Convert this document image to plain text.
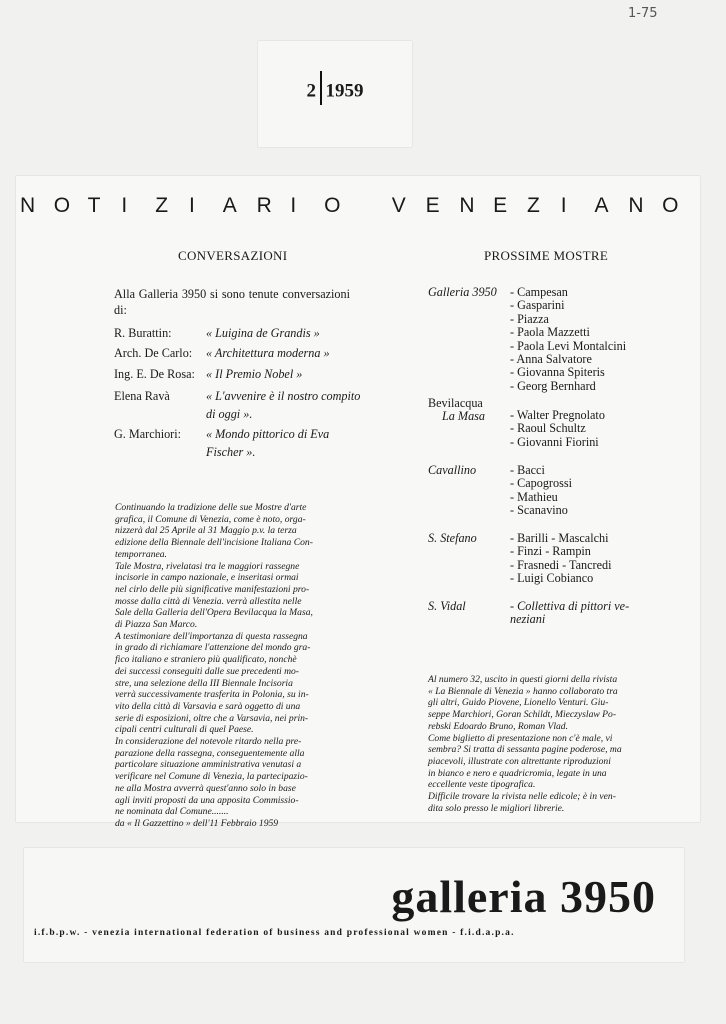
1-75
2 1959
N O T I	Z I	A R I	O
	V E N E Z I	A N O
CONVERSAZIONI	PROSSIME MOSTRE
Alla Galleria 3950 si sono tenute conversazioni di:
R. Burattin:	« Luigina de Grandis »
Arch. De Carlo: « Architettura moderna »
Ing. E. De Rosa: « Il Premio Nobel »
Elena Ravà	« L'avvenire è il nostro compito di oggi ».
G. Marchiori: « Mondo pittorico di Eva Fischer ».
Continuando la tradizione delle sue Mostre d'arte
grafica, il Comune di Venezia, come è noto, orga-
nizzerà dal 25 Aprile al 31 Maggio p.v. la terza
edizione della Biennale dell'incisione Italiana Con-
temporranea.
Tale Mostra, rivelatasi tra le maggiori rassegne
incisorie in campo nazionale, e inseritasi ormai
nel cirlo delle più significative manifestazioni pro-
mosse dalla città di Venezia. verrà allestita nelle
Sale della Galleria dell'Opera Bevilacqua la Masa,
di Piazza San Marco.
A testimoniare dell'importanza di questa rassegna
in grado di richiamare l'attenzione del mondo gra-
fico italiano e straniero più qualificato, nonchè
dei successi conseguiti dalle sue precedenti mo-
stre, una selezione della III Biennale Incisoria
verrà successivamente trasferita in Polonia, su in-
vito della città di Varsavia e sarà oggetto di una
serie di esposizioni, oltre che a Varsavia, nei prin-
cipali centri culturali di quel Paese.
In considerazione del notevole ritardo nella pre-
parazione della rassegna, conseguentemente alla
particolare situazione amministrativa venutasi a
verificare nel Comune di Venezia, la partecipazio-
ne alla Mostra avverrà quest'anno solo in base
agli inviti proposti da una apposita Commissio-
ne nominata dal Comune.......
da « Il Gazzettino » dell'11 Febbraio 1959
Galleria 3950	- Campesan
- Gasparini
- Piazza
- Paola Mazzetti
- Paola Levi Montalcini
- Anna Salvatore
- Giovanna Spiteris
- Georg Bernhard
Bevilacqua
La Masa	- Walter Pregnolato
- Raoul Schultz
- Giovanni Fiorini
Cavallino	- Bacci
- Capogrossi
- Mathieu
- Scanavino
S. Stefano	- Barilli - Mascalchi
- Finzi - Rampin
- Frasnedi - Tancredi
- Luigi Cobianco
S. Vidal	- Collettiva di pittori ve-
neziani
Al numero 32, uscito in questi giorni della rivista
« La Biennale di Venezia » hanno collaborato tra
gli altri, Guido Piovene, Lionello Venturi. Giu-
seppe Marchiori, Goran Schildt, Mieczyslaw Po-
rebski Edoardo Bruno, Roman Vlad.
Come biglietto di presentazione non c'è male, vi
sembra? Si tratta di sessanta pagine poderose, ma
piacevoli, illustrate con altrettante riproduzioni
in bianco e nero e quadricromia, legate in una
eccellente veste tipografica.
Difficile trovare la rivista nelle edicole; è in ven-
dita solo presso le migliori librerie.
galleria 3950
i.f.b.p.w. - venezia international federation of business and professional women - f.i.d.a.p.a.
